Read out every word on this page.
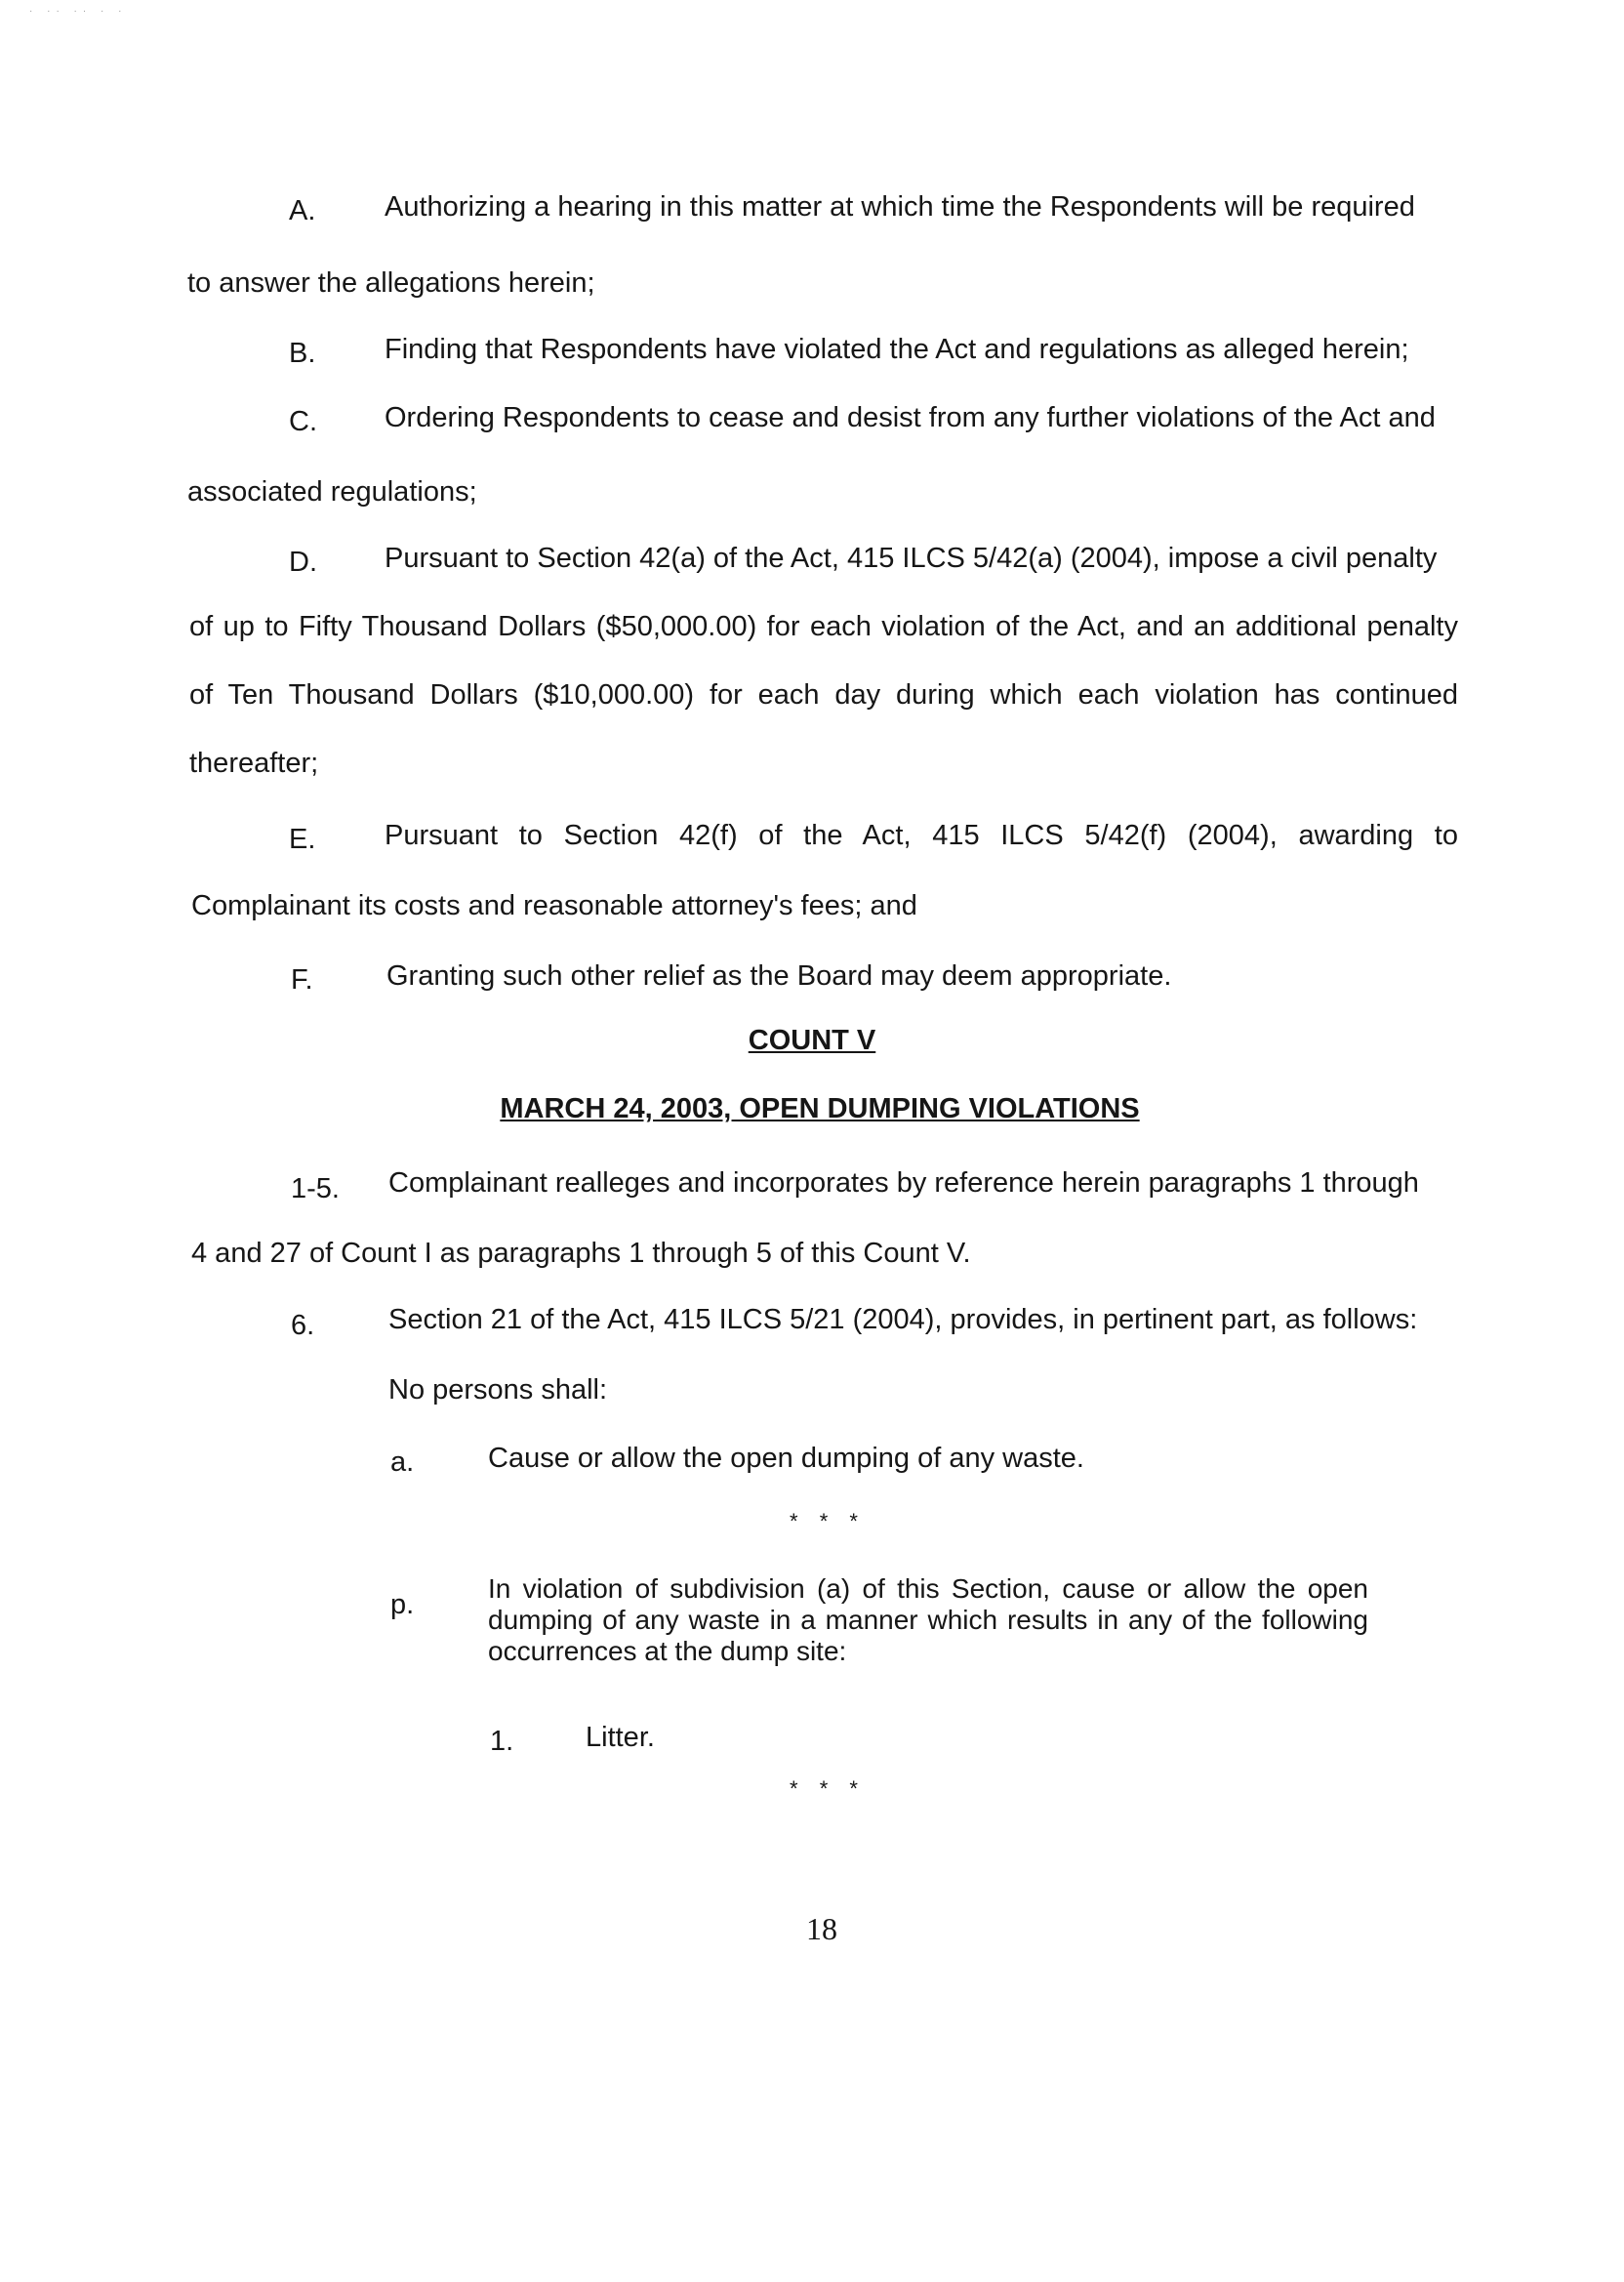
· ·· ·· · ·
A. Authorizing a hearing in this matter at which time the Respondents will be required
to answer the allegations herein;
B. Finding that Respondents have violated the Act and regulations as alleged herein;
C. Ordering Respondents to cease and desist from any further violations of the Act and
associated regulations;
D. Pursuant to Section 42(a) of the Act, 415 ILCS 5/42(a) (2004), impose a civil penalty
of up to Fifty Thousand Dollars ($50,000.00) for each violation of the Act, and an additional penalty
of Ten Thousand Dollars ($10,000.00) for each day during which each violation has continued
thereafter;
E. Pursuant to Section 42(f) of the Act, 415 ILCS 5/42(f) (2004), awarding to
Complainant its costs and reasonable attorney's fees; and
F.	Granting such other relief as the Board may deem appropriate.
COUNT V
MARCH 24, 2003, OPEN DUMPING VIOLATIONS
1-5. Complainant realleges and incorporates by reference herein paragraphs 1 through
4 and 27 of Count I as paragraphs 1 through 5 of this Count V.
6.	Section 21 of the Act, 415 ILCS 5/21 (2004), provides, in pertinent part, as follows:
No persons shall:
a.	Cause or allow the open dumping of any waste.
* * *
p.
In violation of subdivision (a) of this Section, cause or allow the open dumping of any waste in a manner which results in any of the following occurrences at the dump site:
1.	Litter.
* * *
18
